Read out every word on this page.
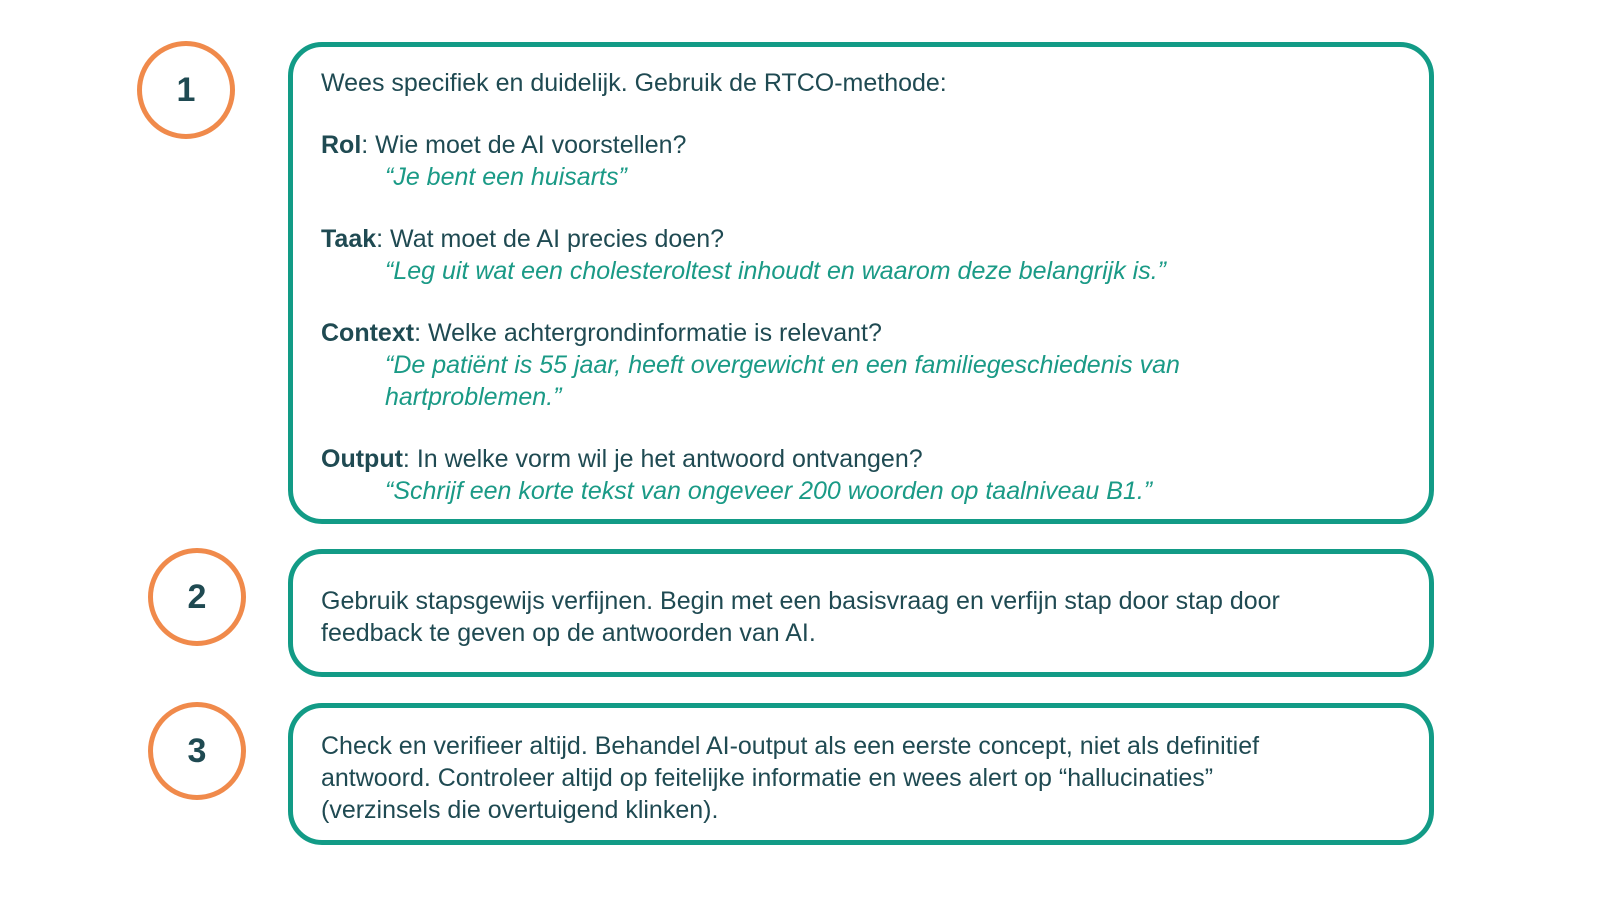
1	Wees specifiek en duidelijk. Gebruik de RTCO-methode:

Rol: Wie moet de AI voorstellen?

“Je bent een huisarts”

Taak: Wat moet de AI precies doen?

“Leg uit wat een cholesteroltest inhoudt en waarom deze belangrijk is.”

Context: Welke achtergrondinformatie is relevant?

“De patiënt is 55 jaar, heeft overgewicht en een familiegeschiedenis van

hartproblemen.”

Output: In welke vorm wil je het antwoord ontvangen?

“Schrijf een korte tekst van ongeveer 200 woorden op taalniveau B1.”

2	Gebruik stapsgewijs verfijnen. Begin met een basisvraag en verfijn stap door stap door

feedback te geven op de antwoorden van AI.

3	Check en verifieer altijd. Behandel AI-output als een eerste concept, niet als definitief

antwoord. Controleer altijd op feitelijke informatie en wees alert op “hallucinaties”

(verzinsels die overtuigend klinken).
